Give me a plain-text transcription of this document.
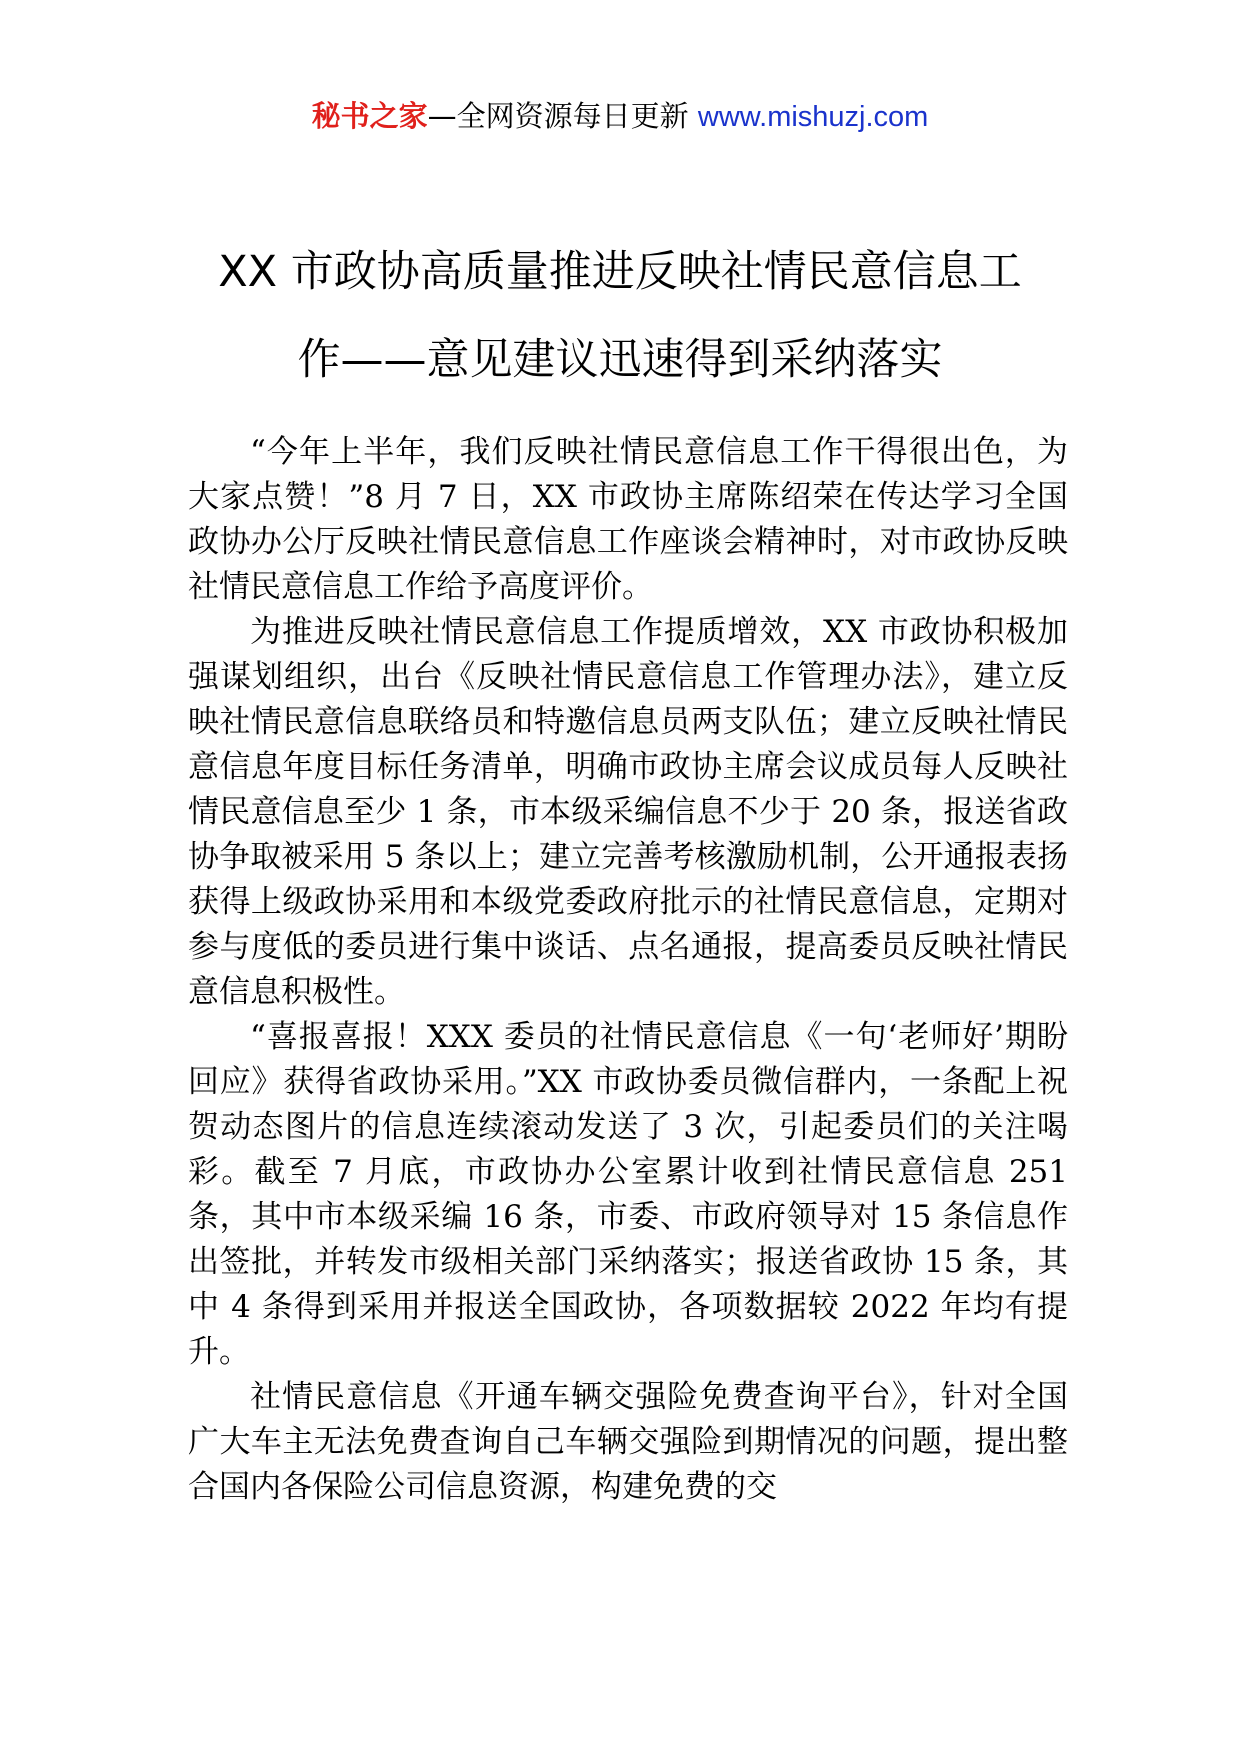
秘书之家—全网资源每日更新 www.mishuzj.com
XX 市政协高质量推进反映社情民意信息工
作——意见建议迅速得到采纳落实

“今年上半年，我们反映社情民意信息工作干得很出色，为大家点赞！”8 月 7 日，XX 市政协主席陈绍荣在传达学习全国政协办公厅反映社情民意信息工作座谈会精神时，对市政协反映社情民意信息工作给予高度评价。

为推进反映社情民意信息工作提质增效，XX 市政协积极加强谋划组织，出台《反映社情民意信息工作管理办法》，建立反映社情民意信息联络员和特邀信息员两支队伍；建立反映社情民意信息年度目标任务清单，明确市政协主席会议成员每人反映社情民意信息至少 1 条，市本级采编信息不少于 20 条，报送省政协争取被采用 5 条以上；建立完善考核激励机制，公开通报表扬获得上级政协采用和本级党委政府批示的社情民意信息，定期对参与度低的委员进行集中谈话、点名通报，提高委员反映社情民意信息积极性。

“喜报喜报！XXX 委员的社情民意信息《一句‘老师好’期盼回应》获得省政协采用。”XX 市政协委员微信群内，一条配上祝贺动态图片的信息连续滚动发送了 3 次，引起委员们的关注喝彩。截至 7 月底，市政协办公室累计收到社情民意信息 251 条，其中市本级采编 16 条，市委、市政府领导对 15 条信息作出签批，并转发市级相关部门采纳落实；报送省政协 15 条，其中 4 条得到采用并报送全国政协，各项数据较 2022 年均有提升。

社情民意信息《开通车辆交强险免费查询平台》，针对全国广大车主无法免费查询自己车辆交强险到期情况的问题，提出整合国内各保险公司信息资源，构建免费的交
